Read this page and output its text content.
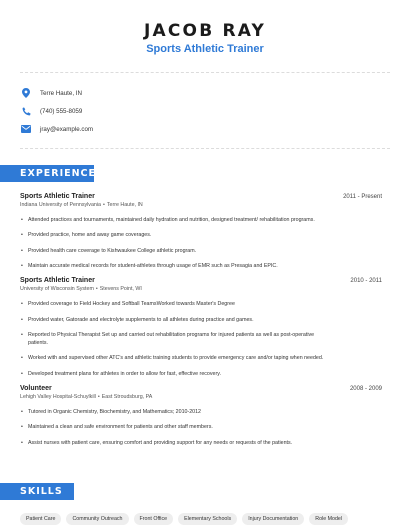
JACOB RAY
Sports Athletic Trainer
Terre Haute, IN
(740) 555-8059
jray@example.com
EXPERIENCE
Sports Athletic Trainer	2011 - Present
Indiana University of Pennsylvania • Terre Haute, IN
• Attended practices and tournaments, maintained daily hydration and nutrition, designed treatment/ rehabilitation programs.
• Provided practice, home and away game coverages.
• Provided health care coverage to Kishwaukee College athletic program.
• Maintain accurate medical records for student-athletes through usage of EMR such as Presagia and EPIC.
Sports Athletic Trainer	2010 - 2011
University of Wisconsin System • Stevens Point, WI
• Provided coverage to Field Hockey and Softball TeamsWorked towards Master's Degree
• Provided water, Gatorade and electrolyte supplements to all athletes during practice and games.
• Reported to Physical Therapist Set up and carried out rehabilitation programs for injured patients as well as post-operative
patients.
• Worked with and supervised other ATC's and athletic training students to provide emergency care and/or taping when needed.
• Developed treatment plans for athletes in order to allow for fast, effective recovery.
Volunteer	2008 - 2009
Lehigh Valley Hospital-Schuylkill • East Stroudsburg, PA
• Tutored in Organic Chemistry, Biochemistry, and Mathematics; 2010-2012
• Maintained a clean and safe environment for patients and other staff members.
• Assist nurses with patient care, ensuring comfort and providing support for any needs or requests of the patients.
SKILLS
Patient Care	Community Outreach	Front Office	Elementary Schools	Injury Documentation	Role Model
